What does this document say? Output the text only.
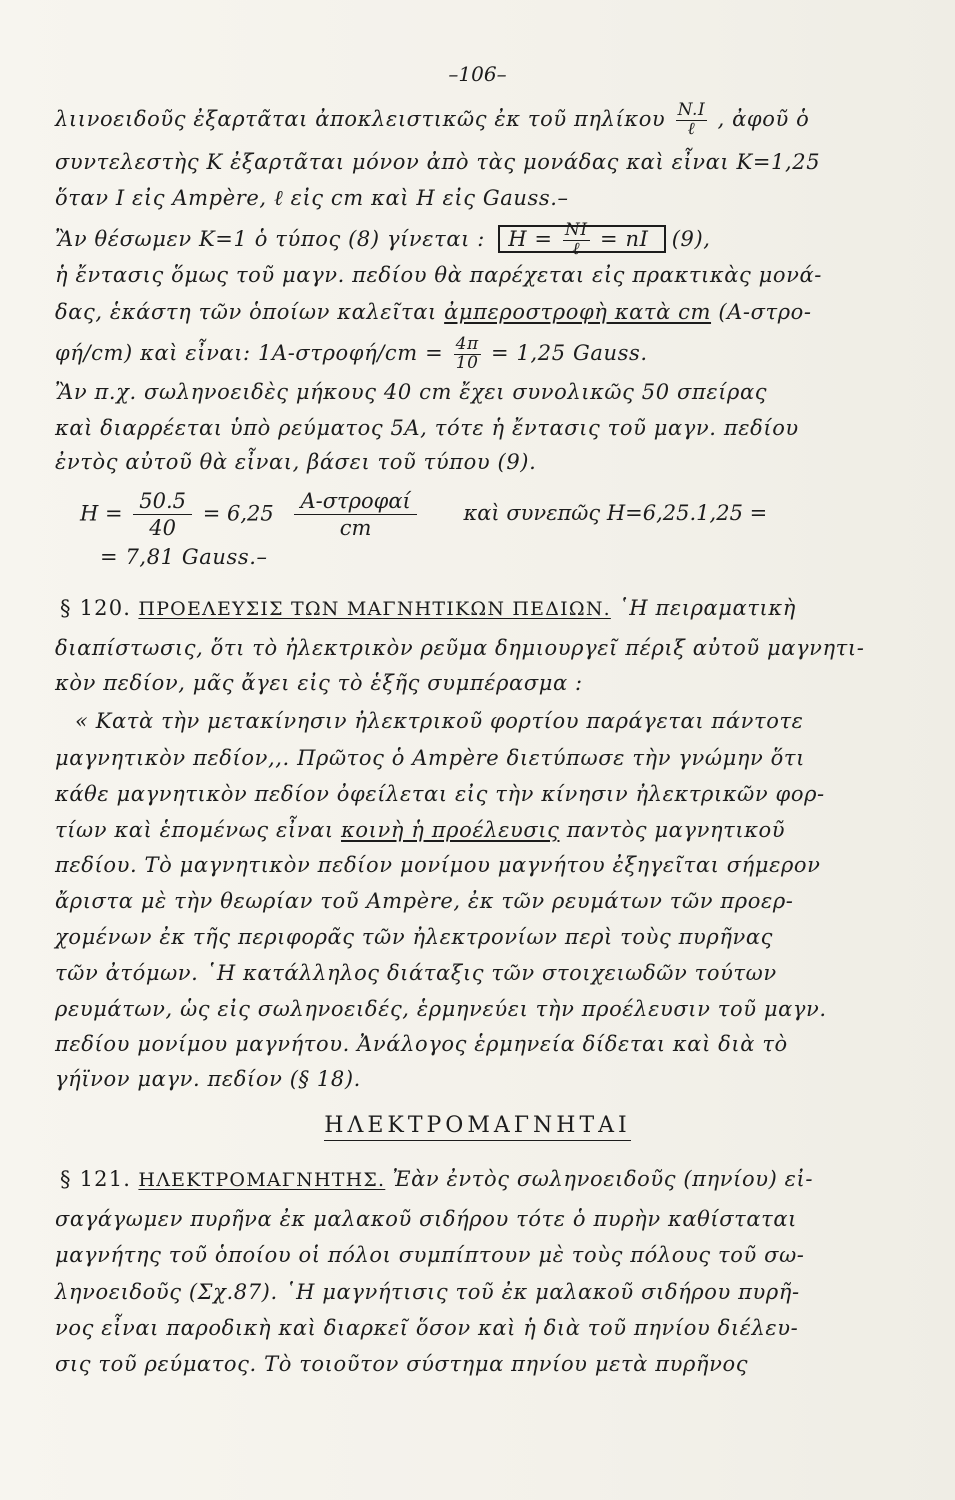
–106–
λιινοειδοῦς ἐξαρτᾶται ἀποκλειστικῶς ἐκ τοῦ πηλίκου $\frac{N.I}{\text{ℓ}}$ , ἀφοῦ ὁ
συντελεστὴς K ἐξαρτᾶται μόνον ἀπὸ τὰς μονάδας καὶ εἶναι K=1,25
ὅταν I εἰς Ampère, ℓ εἰς cm καὶ H εἰς Gauss.–
Ἂν θέσωμεν K=1 ὁ τύπος (8) γίνεται : $H = \frac{NI}{\text{ℓ}}$ = nI (9),
ἡ ἔντασις ὅμως τοῦ μαγν. πεδίου θὰ παρέχεται εἰς πρακτικὰς μονά-
δας, ἑκάστη τῶν ὁποίων καλεῖται ἀμπεροστροφὴ κατὰ cm (A-στρο-
φή/cm) καὶ εἶναι: $1A-\sigma\tau\rho o\varphi ή/cm = \frac{4\pi}{10} = 1,25$ Gauss.
Ἂν π.χ. σωληνοειδὲς μήκους 40 cm ἔχει συνολικῶς 50 σπείρας
καὶ διαρρέεται ὑπὸ ρεύματος 5A, τότε ἡ ἔντασις τοῦ μαγν. πεδίου
ἐντὸς αὐτοῦ θὰ εἶναι, βάσει τοῦ τύπου (9).
$H = \frac{50.5}{40} = 6,25 \frac{\text{A-στροφαί}}{cm}$ καὶ συνεπῶς H=6,25.1,25 =
= 7,81 Gauss.–
§ 120. ΠΡΟΕΛΕΥΣΙΣ ΤΩΝ ΜΑΓΝΗΤΙΚΩΝ ΠΕΔΙΩΝ. ῾Η πειραματικὴ
διαπίστωσις, ὅτι τὸ ἠλεκτρικὸν ρεῦμα δημιουργεῖ πέριξ αὐτοῦ μαγνητι-
κὸν πεδίον, μᾶς ἄγει εἰς τὸ ἑξῆς συμπέρασμα :
« Κατὰ τὴν μετακίνησιν ἠλεκτρικοῦ φορτίου παράγεται πάντοτε
μαγνητικὸν πεδίον,,. Πρῶτος ὁ Ampère διετύπωσε τὴν γνώμην ὅτι
κάθε μαγνητικὸν πεδίον ὀφείλεται εἰς τὴν κίνησιν ἠλεκτρικῶν φορ-
τίων καὶ ἑπομένως εἶναι κοινὴ ἡ προέλευσις παντὸς μαγνητικοῦ
πεδίου. Τὸ μαγνητικὸν πεδίον μονίμου μαγνήτου ἐξηγεῖται σήμερον
ἄριστα μὲ τὴν θεωρίαν τοῦ Ampère, ἐκ τῶν ρευμάτων τῶν προερ-
χομένων ἐκ τῆς περιφορᾶς τῶν ἠλεκτρονίων περὶ τοὺς πυρῆνας
τῶν ἀτόμων. ῾Η κατάλληλος διάταξις τῶν στοιχειωδῶν τούτων
ρευμάτων, ὡς εἰς σωληνοειδές, ἑρμηνεύει τὴν προέλευσιν τοῦ μαγν.
πεδίου μονίμου μαγνήτου. Ἀνάλογος ἑρμηνεία δίδεται καὶ διὰ τὸ
γήϊνον μαγν. πεδίον (§ 18).
ΗΛΕΚΤΡΟΜΑΓΝΗΤΑΙ
§ 121. ΗΛΕΚΤΡΟΜΑΓΝΗΤΗΣ. Ἐὰν ἐντὸς σωληνοειδοῦς (πηνίου) εἰ-
σαγάγωμεν πυρῆνα ἐκ μαλακοῦ σιδήρου τότε ὁ πυρὴν καθίσταται
μαγνήτης τοῦ ὁποίου οἱ πόλοι συμπίπτουν μὲ τοὺς πόλους τοῦ σω-
ληνοειδοῦς (Σχ.87). ῾Η μαγνήτισις τοῦ ἐκ μαλακοῦ σιδήρου πυρῆ-
νος εἶναι παροδικὴ καὶ διαρκεῖ ὅσον καὶ ἡ διὰ τοῦ πηνίου διέλευ-
σις τοῦ ρεύματος. Τὸ τοιοῦτον σύστημα πηνίου μετὰ πυρῆνος
